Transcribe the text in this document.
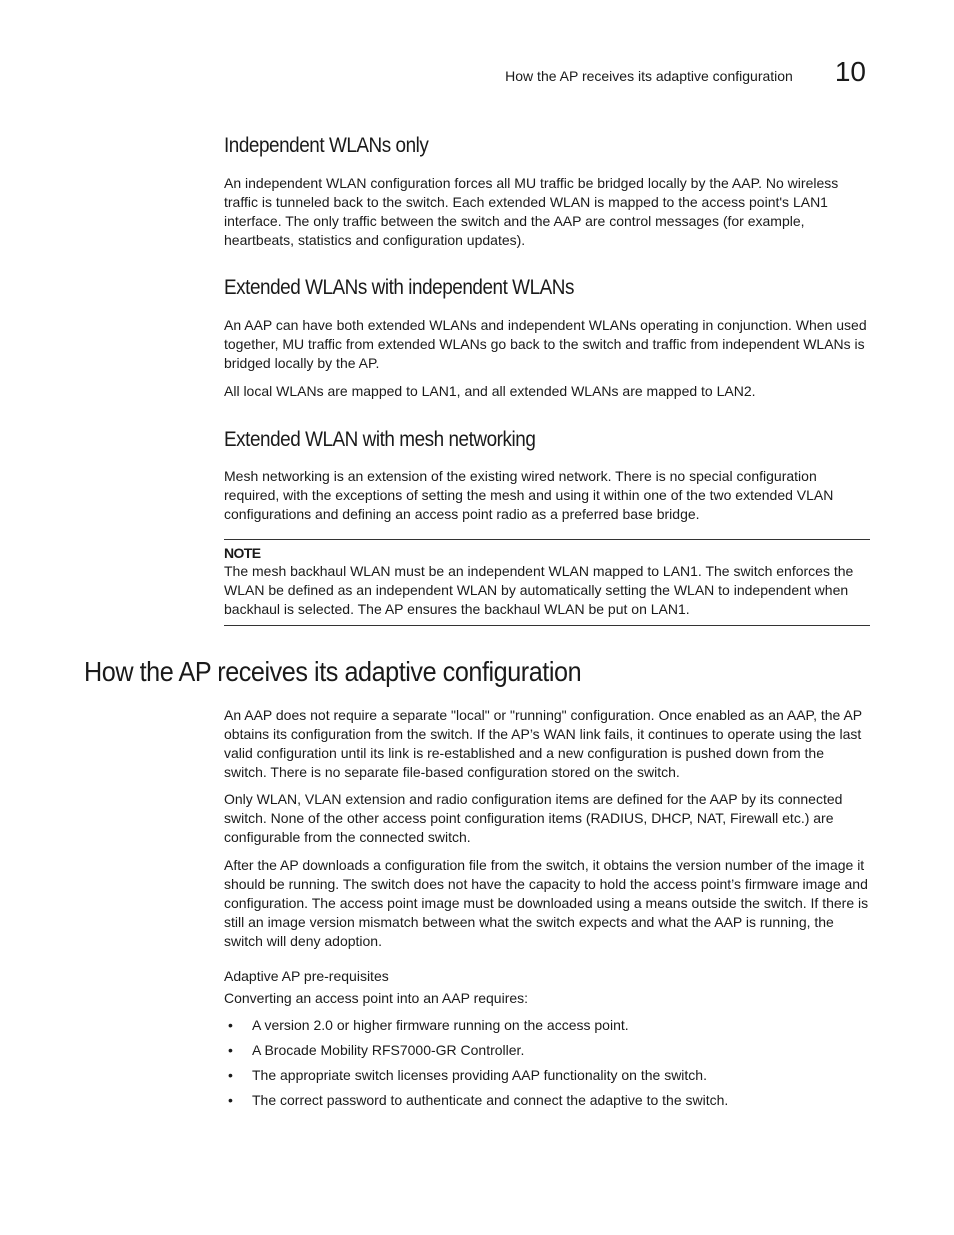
How the AP receives its adaptive configuration 10
Independent WLANs only

An independent WLAN configuration forces all MU traffic be bridged locally by the AAP. No wireless traffic is tunneled back to the switch. Each extended WLAN is mapped to the access point's LAN1 interface. The only traffic between the switch and the AAP are control messages (for example, heartbeats, statistics and configuration updates).

Extended WLANs with independent WLANs

An AAP can have both extended WLANs and independent WLANs operating in conjunction. When used together, MU traffic from extended WLANs go back to the switch and traffic from independent WLANs is bridged locally by the AP.

All local WLANs are mapped to LAN1, and all extended WLANs are mapped to LAN2.

Extended WLAN with mesh networking

Mesh networking is an extension of the existing wired network. There is no special configuration required, with the exceptions of setting the mesh and using it within one of the two extended VLAN configurations and defining an access point radio as a preferred base bridge.

NOTE

The mesh backhaul WLAN must be an independent WLAN mapped to LAN1. The switch enforces the WLAN be defined as an independent WLAN by automatically setting the WLAN to independent when backhaul is selected. The AP ensures the backhaul WLAN be put on LAN1.

How the AP receives its adaptive configuration

An AAP does not require a separate "local" or "running" configuration. Once enabled as an AAP, the AP obtains its configuration from the switch. If the AP’s WAN link fails, it continues to operate using the last valid configuration until its link is re-established and a new configuration is pushed down from the switch. There is no separate file-based configuration stored on the switch.

Only WLAN, VLAN extension and radio configuration items are defined for the AAP by its connected switch. None of the other access point configuration items (RADIUS, DHCP, NAT, Firewall etc.) are configurable from the connected switch.

After the AP downloads a configuration file from the switch, it obtains the version number of the image it should be running. The switch does not have the capacity to hold the access point’s firmware image and configuration. The access point image must be downloaded using a means outside the switch. If there is still an image version mismatch between what the switch expects and what the AAP is running, the switch will deny adoption.

Adaptive AP pre-requisites

Converting an access point into an AAP requires:

• A version 2.0 or higher firmware running on the access point.
• A Brocade Mobility RFS7000-GR Controller.
• The appropriate switch licenses providing AAP functionality on the switch.
• The correct password to authenticate and connect the adaptive to the switch.
